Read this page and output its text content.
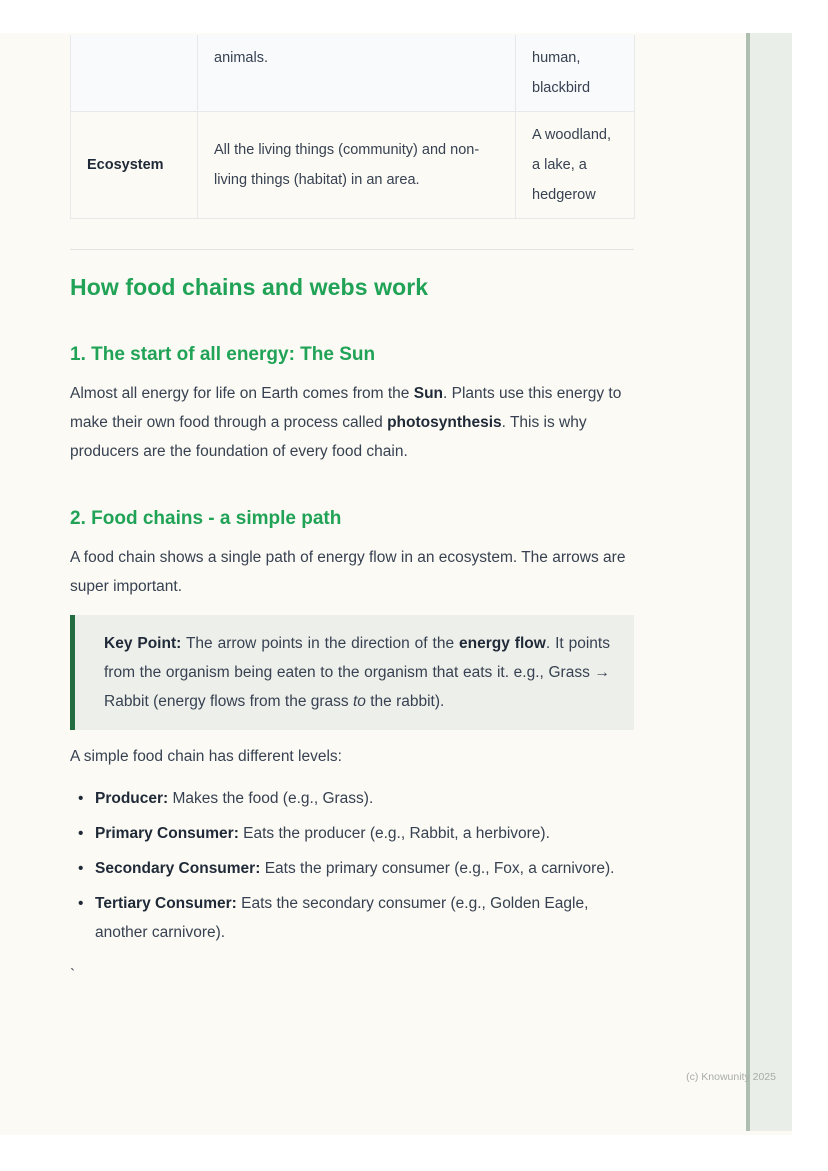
	animals.	human, blackbird
Ecosystem	All the living things (community) and non-living things (habitat) in an area.	A woodland, a lake, a hedgerow
How food chains and webs work
1. The start of all energy: The Sun

Almost all energy for life on Earth comes from the Sun. Plants use this energy to make their own food through a process called photosynthesis. This is why producers are the foundation of every food chain.

2. Food chains - a simple path

A food chain shows a single path of energy flow in an ecosystem. The arrows are super important.

Key Point: The arrow points in the direction of the energy flow. It points from the organism being eaten to the organism that eats it. e.g., Grass → Rabbit (energy flows from the grass to the rabbit).

A simple food chain has different levels:

• Producer: Makes the food (e.g., Grass).
• Primary Consumer: Eats the producer (e.g., Rabbit, a herbivore).
• Secondary Consumer: Eats the primary consumer (e.g., Fox, a carnivore).
• Tertiary Consumer: Eats the secondary consumer (e.g., Golden Eagle, another carnivore).

`

(c) Knowunity 2025
